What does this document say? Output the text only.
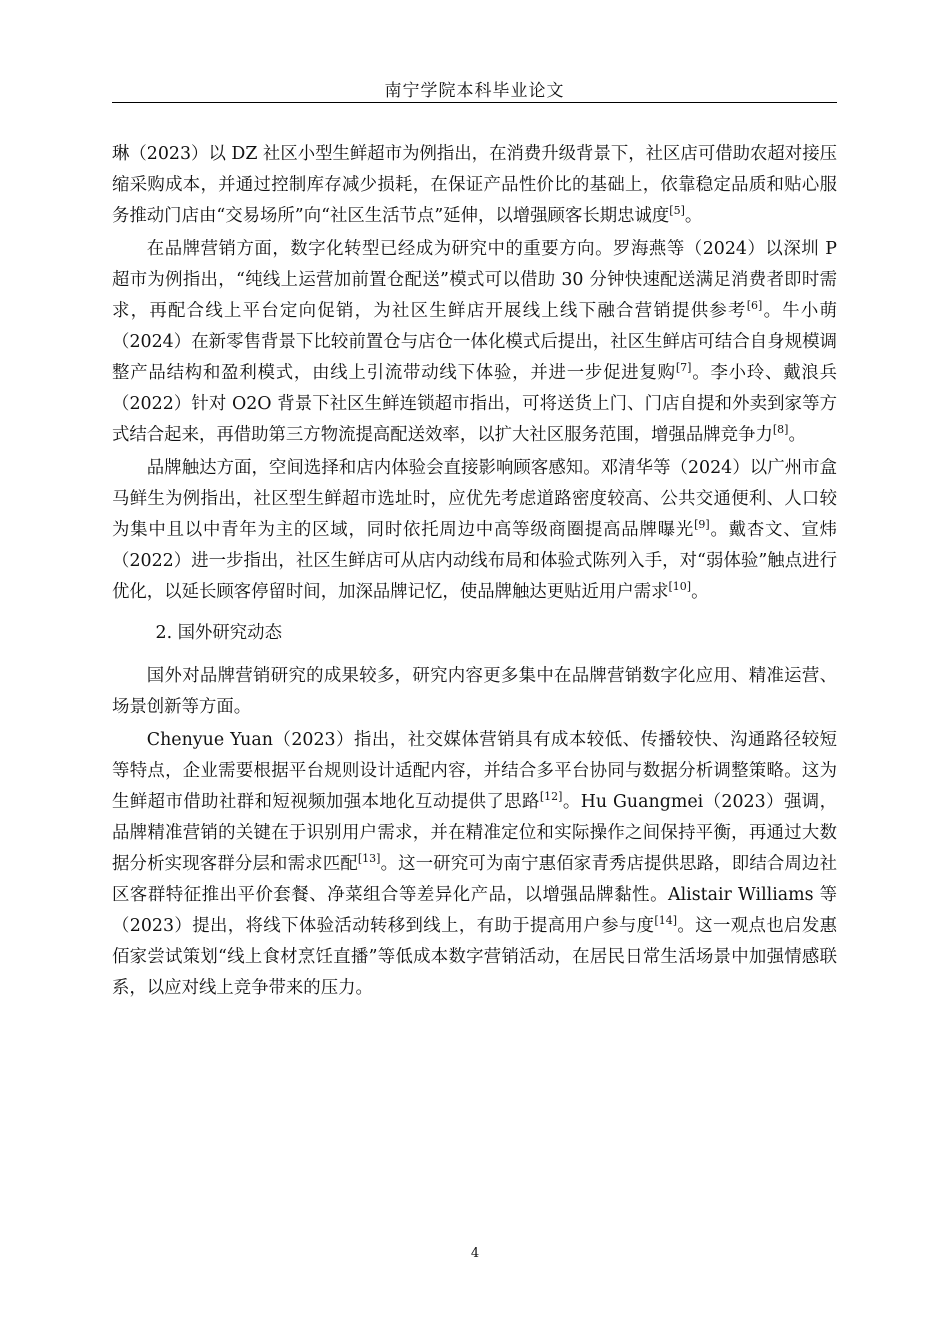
南宁学院本科毕业论文

琳（2023）以 DZ 社区小型生鲜超市为例指出，在消费升级背景下，社区店可借助农超对接压缩采购成本，并通过控制库存减少损耗，在保证产品性价比的基础上，依靠稳定品质和贴心服务推动门店由“交易场所”向“社区生活节点”延伸，以增强顾客长期忠诚度[5]。

在品牌营销方面，数字化转型已经成为研究中的重要方向。罗海燕等（2024）以深圳 P 超市为例指出，“纯线上运营加前置仓配送”模式可以借助 30 分钟快速配送满足消费者即时需求，再配合线上平台定向促销，为社区生鲜店开展线上线下融合营销提供参考[6]。牛小萌（2024）在新零售背景下比较前置仓与店仓一体化模式后提出，社区生鲜店可结合自身规模调整产品结构和盈利模式，由线上引流带动线下体验，并进一步促进复购[7]。李小玲、戴浪兵（2022）针对 O2O 背景下社区生鲜连锁超市指出，可将送货上门、门店自提和外卖到家等方式结合起来，再借助第三方物流提高配送效率，以扩大社区服务范围，增强品牌竞争力[8]。

品牌触达方面，空间选择和店内体验会直接影响顾客感知。邓清华等（2024）以广州市盒马鲜生为例指出，社区型生鲜超市选址时，应优先考虑道路密度较高、公共交通便利、人口较为集中且以中青年为主的区域，同时依托周边中高等级商圈提高品牌曝光[9]。戴杏文、宣炜（2022）进一步指出，社区生鲜店可从店内动线布局和体验式陈列入手，对“弱体验”触点进行优化，以延长顾客停留时间，加深品牌记忆，使品牌触达更贴近用户需求[10]。

2. 国外研究动态

国外对品牌营销研究的成果较多，研究内容更多集中在品牌营销数字化应用、精准运营、场景创新等方面。

Chenyue Yuan（2023）指出，社交媒体营销具有成本较低、传播较快、沟通路径较短等特点，企业需要根据平台规则设计适配内容，并结合多平台协同与数据分析调整策略。这为生鲜超市借助社群和短视频加强本地化互动提供了思路[12]。Hu Guangmei（2023）强调，品牌精准营销的关键在于识别用户需求，并在精准定位和实际操作之间保持平衡，再通过大数据分析实现客群分层和需求匹配[13]。这一研究可为南宁惠佰家青秀店提供思路，即结合周边社区客群特征推出平价套餐、净菜组合等差异化产品，以增强品牌黏性。Alistair Williams 等（2023）提出，将线下体验活动转移到线上，有助于提高用户参与度[14]。这一观点也启发惠佰家尝试策划“线上食材烹饪直播”等低成本数字营销活动，在居民日常生活场景中加强情感联系，以应对线上竞争带来的压力。

4
